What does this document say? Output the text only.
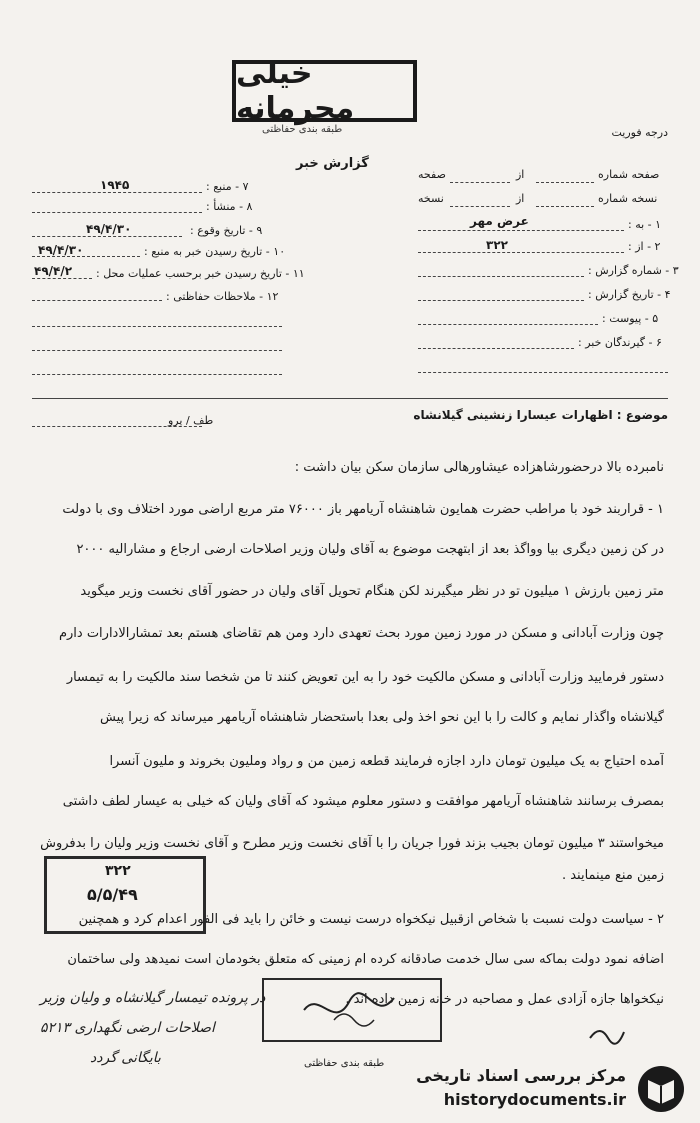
خیلی محرمانه
طبقه بندی حفاظتی	درجه فوریت
گزارش خبر
۱۹۴۵	۷ - منبع :
۸ - منشأ :
۴۹/۴/۳۰	۹ - تاریخ وقوع :
۴۹/۴/۳۰	۱۰ - تاریخ رسیدن خبر به منبع :
۴۹/۴/۲ ۱۱ - تاریخ رسیدن خبر برحسب عملیات محل :
۱۲ - ملاحظات حفاظتی :
صفحه شماره
از
صفحه
نسخه شماره
از
نسخه
عرض مهر	۱ - به :
۳۲۲	۲ - از :
۳ - شماره گزارش :
۴ - تاریخ گزارش :
۵ - پیوست :
۶ - گیرندگان خبر :
موضوع : اظهارات عیسارا زنشینی گیلانشاه
طف / پرو
نامبرده بالا درحضورشاهزاده عیشاورهالی سازمان سکن بیان داشت :
۱ - قراربند خود با مراطب حضرت همایون شاهنشاه آریامهر باز ۷۶۰۰۰ متر مربع اراضی مورد اختلاف وی با دولت
در کن زمین دیگری بیا وواگذ بعد از ابتهجت موضوع به آقای ولیان وزیر اصلاحات ارضی ارجاع و مشارالیه ۲۰۰۰
متر زمین بارزش ۱ میلیون تو در نظر میگیرند لکن هنگام تحویل آقای ولیان در حضور آقای نخست وزیر میگوید
چون وزارت آبادانی و مسکن در مورد زمین مورد بحث تعهدی دارد ومن هم تقاضای هستم بعد تمشارالادارات دارم
دستور فرمایید وزارت آبادانی و مسکن مالکیت خود را به این تعویض کنند تا من شخصا سند مالکیت را به تیمسار
گیلانشاه واگذار نمایم و کالت را با این نحو اخذ ولی بعدا باستحضار شاهنشاه آریامهر میرساند که زیرا پیش
آمده احتیاج به یک میلیون تومان دارد اجازه فرمایند قطعه زمین من و رواد وملیون بخروند و ملیون آنسرا
بمصرف برسانند شاهنشاه آریامهر موافقت و دستور معلوم میشود که آقای ولیان که خیلی به عیسار لطف داشتی
میخواستند ۳ میلیون تومان بجیب بزند فورا جریان را با آقای نخست وزیر مطرح و آقای نخست وزیر ولیان را بدفروش
زمین منع مینمایند .
۲ - سیاست دولت نسبت با شخاص ازقبیل نیکخواه درست نیست و خائن را باید فی الفور اعدام کرد و همچنین
اضافه نمود دولت بماکه سی سال خدمت صادقانه کرده ام زمینی که متعلق بخودمان است نمیدهد ولی ساختمان
نیکخواها جازه آزادی عمل و مصاحبه در خانه زمین داده اند .
۳۲۲
۵/۵/۴۹
در پرونده تیمسار گیلانشاه و ولیان وزیر
اصلاحات ارضی نگهداری ۵۲۱۳
بایگانی گردد	طبقه بندی حفاظتی
مرکز بررسی اسناد تاریخی
historydocuments.ir
